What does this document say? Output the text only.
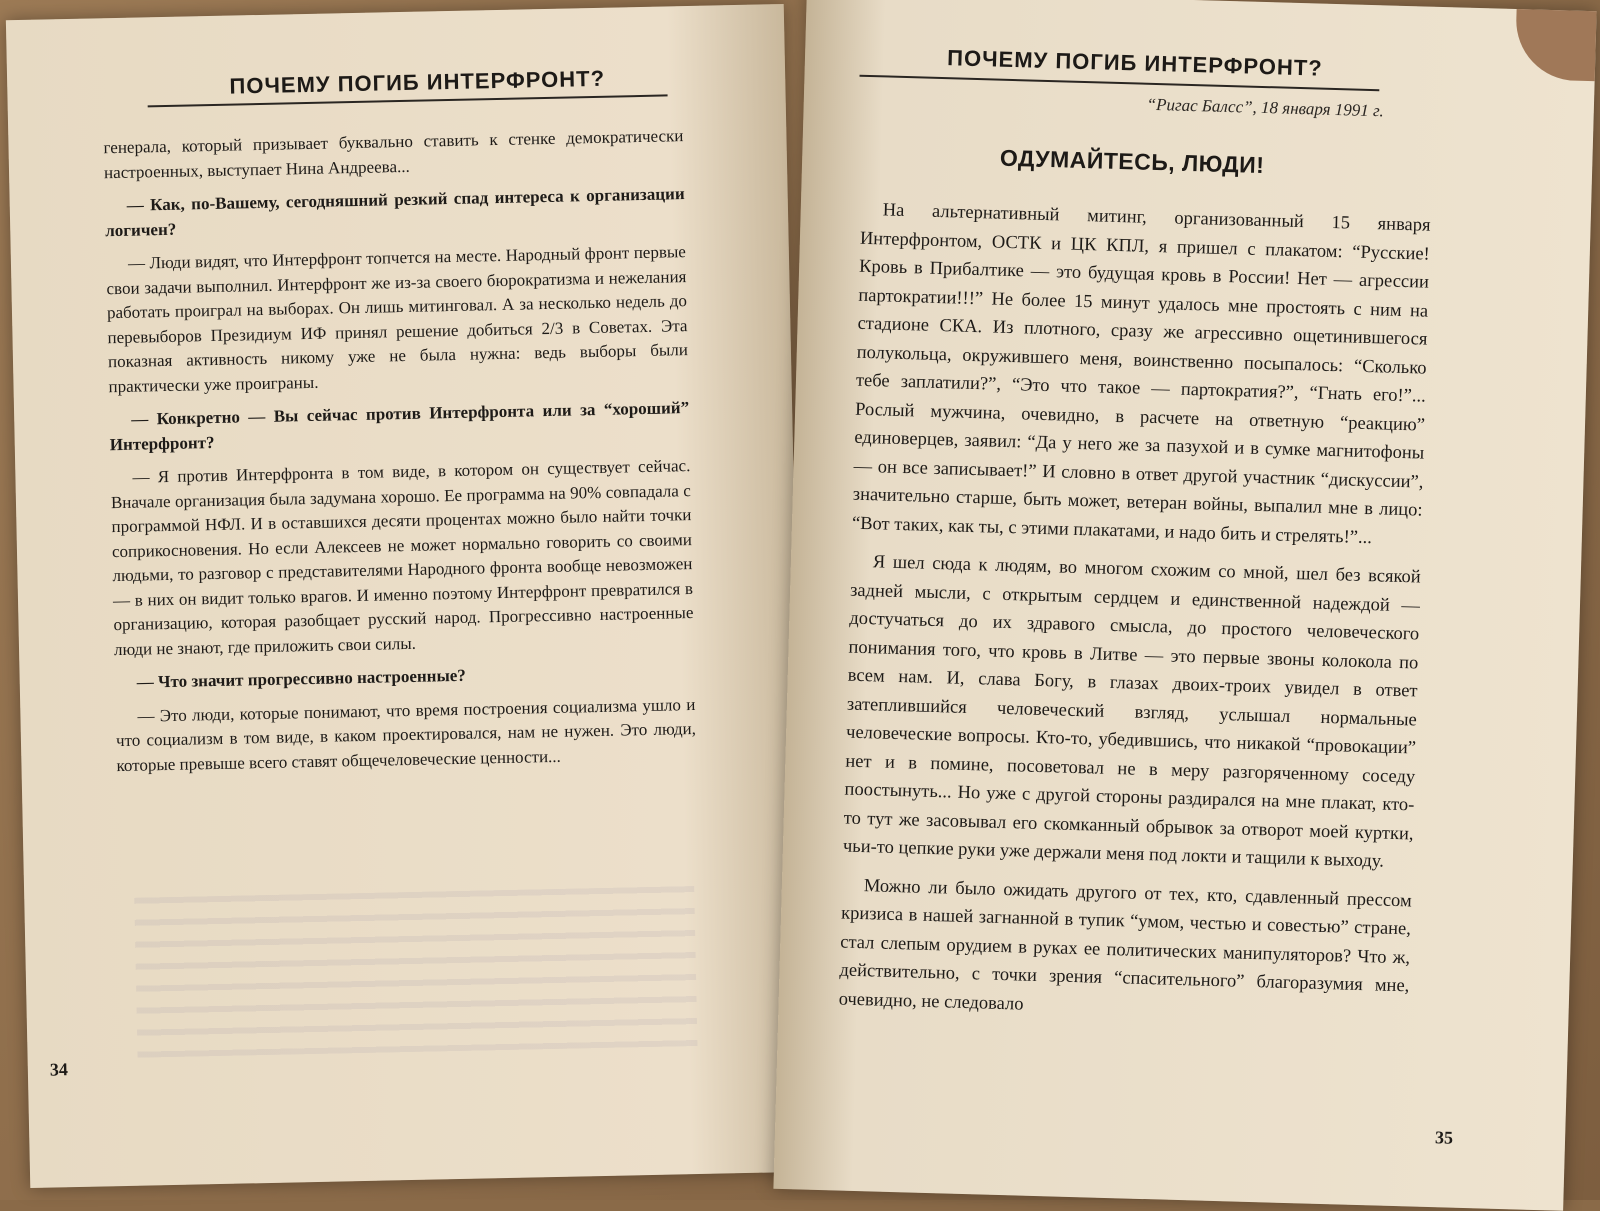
ПОЧЕМУ ПОГИБ ИНТЕРФРОНТ?

генерала, который призывает буквально ставить к стенке демократически настроенных, выступает Нина Андреева...

— Как, по-Вашему, сегодняшний резкий спад интереса к организации логичен?

— Люди видят, что Интерфронт топчется на месте. Народный фронт первые свои задачи выполнил. Интерфронт же из-за своего бюрократизма и нежелания работать проиграл на выборах. Он лишь митинговал. А за несколько недель до перевыборов Президиум ИФ принял решение добиться 2/3 в Советах. Эта показная активность никому уже не была нужна: ведь выборы были практически уже проиграны.

— Конкретно — Вы сейчас против Интерфронта или за “хороший” Интерфронт?

— Я против Интерфронта в том виде, в котором он существует сейчас. Вначале организация была задумана хорошо. Ее программа на 90% совпадала с программой НФЛ. И в оставшихся десяти процентах можно было найти точки соприкосновения. Но если Алексеев не может нормально говорить со своими людьми, то разговор с представителями Народного фронта вообще невозможен — в них он видит только врагов. И именно поэтому Интерфронт превратился в организацию, которая разобщает русский народ. Прогрессивно настроенные люди не знают, где приложить свои силы.

— Что значит прогрессивно настроенные?

— Это люди, которые понимают, что время построения социализма ушло и что социализм в том виде, в каком проектировался, нам не нужен. Это люди, которые превыше всего ставят общечеловеческие ценности...

34
ПОЧЕМУ ПОГИБ ИНТЕРФРОНТ?
“Ригас Балсс”, 18 января 1991 г.
ОДУМАЙТЕСЬ, ЛЮДИ!

На альтернативный митинг, организованный 15 января Интерфронтом, ОСТК и ЦК КПЛ, я пришел с плакатом: “Русские! Кровь в Прибалтике — это будущая кровь в России! Нет — агрессии партократии!!!” Не более 15 минут удалось мне простоять с ним на стадионе СКА. Из плотного, сразу же агрессивно ощетинившегося полукольца, окружившего меня, воинственно посыпалось: “Сколько тебе заплатили?”, “Это что такое — партократия?”, “Гнать его!”... Рослый мужчина, очевидно, в расчете на ответную “реакцию” единоверцев, заявил: “Да у него же за пазухой и в сумке магнитофоны — он все записывает!” И словно в ответ другой участник “дискуссии”, значительно старше, быть может, ветеран войны, выпалил мне в лицо: “Вот таких, как ты, с этими плакатами, и надо бить и стрелять!”...

Я шел сюда к людям, во многом схожим со мной, шел без всякой задней мысли, с открытым сердцем и единственной надеждой — достучаться до их здравого смысла, до простого человеческого понимания того, что кровь в Литве — это первые звоны колокола по всем нам. И, слава Богу, в глазах двоих-троих увидел в ответ затеплившийся человеческий взгляд, услышал нормальные человеческие вопросы. Кто-то, убедившись, что никакой “провокации” нет и в помине, посоветовал не в меру разгоряченному соседу поостынуть... Но уже с другой стороны раздирался на мне плакат, кто-то тут же засовывал его скомканный обрывок за отворот моей куртки, чьи-то цепкие руки уже держали меня под локти и тащили к выходу.

Можно ли было ожидать другого от тех, кто, сдавленный прессом кризиса в нашей загнанной в тупик “умом, честью и совестью” стране, стал слепым орудием в руках ее политических манипуляторов? Что ж, действительно, с точки зрения “спасительного” благоразумия мне, очевидно, не следовало

35
